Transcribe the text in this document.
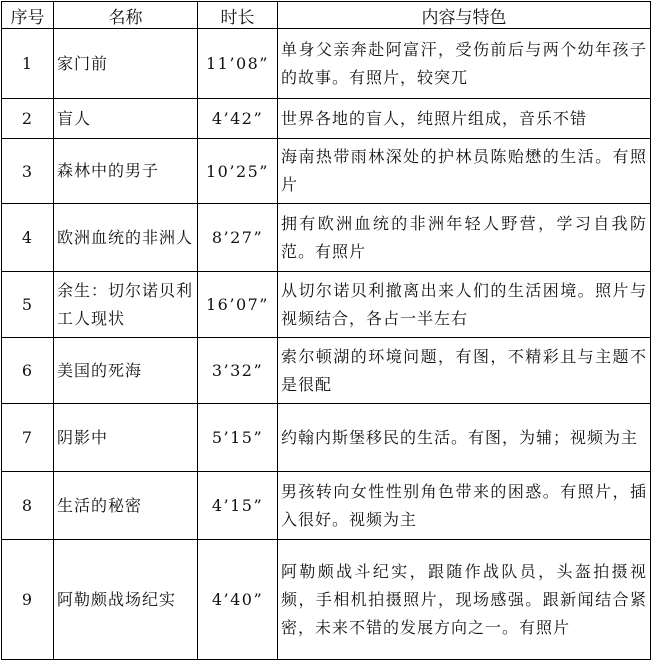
序号	名称	时长	内容与特色
1	家门前	11’08”	单身父亲奔赴阿富汗，受伤前后与两个幼年孩子的故事。有照片，较突兀
2	盲人	4’42”	世界各地的盲人，纯照片组成，音乐不错
3	森林中的男子	10’25”	海南热带雨林深处的护林员陈贻懋的生活。有照片
4	欧洲血统的非洲人	8’27”	拥有欧洲血统的非洲年轻人野营，学习自我防范。有照片
5	余生：切尔诺贝利工人现状	16’07”	从切尔诺贝利撤离出来人们的生活困境。照片与视频结合，各占一半左右
6	美国的死海	3’32”	索尔顿湖的环境问题，有图，不精彩且与主题不是很配
7	阴影中	5’15”	约翰内斯堡移民的生活。有图，为辅；视频为主
8	生活的秘密	4’15”	男孩转向女性性别角色带来的困惑。有照片，插入很好。视频为主
9	阿勒颇战场纪实	4’40”	阿勒颇战斗纪实，跟随作战队员，头盔拍摄视频，手相机拍摄照片，现场感强。跟新闻结合紧密，未来不错的发展方向之一。有照片
